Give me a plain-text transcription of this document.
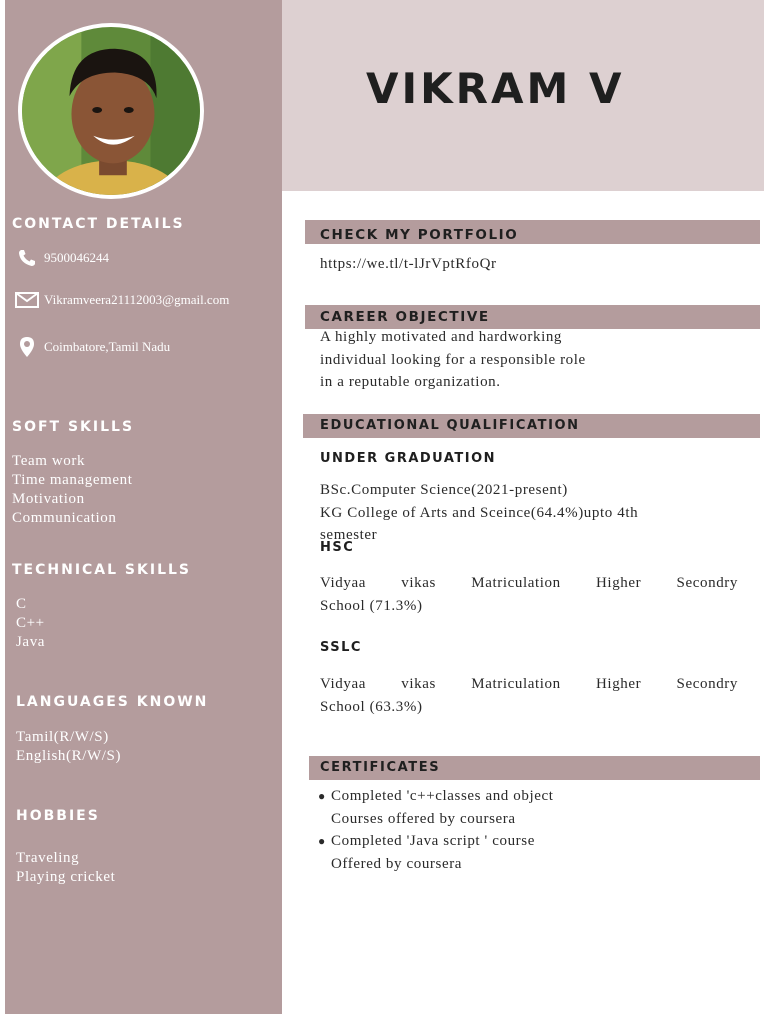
CONTACT DETAILS
9500046244
Vikramveera21112003@gmail.com
Coimbatore,Tamil Nadu
SOFT SKILLS
Team work
Time management
Motivation
Communication
TECHNICAL SKILLS
C
C++
Java
LANGUAGES KNOWN
Tamil(R/W/S)
English(R/W/S)
HOBBIES
Traveling
Playing cricket
VIKRAM V
CHECK MY PORTFOLIO

https://we.tl/t-lJrVptRfoQr

CAREER OBJECTIVE

A highly motivated and hardworking
individual looking for a responsible role
in a reputable organization.

EDUCATIONAL QUALIFICATION
UNDER GRADUATION

BSc.Computer Science(2021-present)
KG College of Arts and Sceince(64.4%)upto 4th
semester

HSC

Vidyaa vikas Matriculation Higher Secondry
School (71.3%)

SSLC

Vidyaa vikas Matriculation Higher Secondry
School (63.3%)

CERTIFICATES
● Completed 'c++classes and object
Courses offered by coursera
● Completed 'Java script ' course
Offered by coursera
